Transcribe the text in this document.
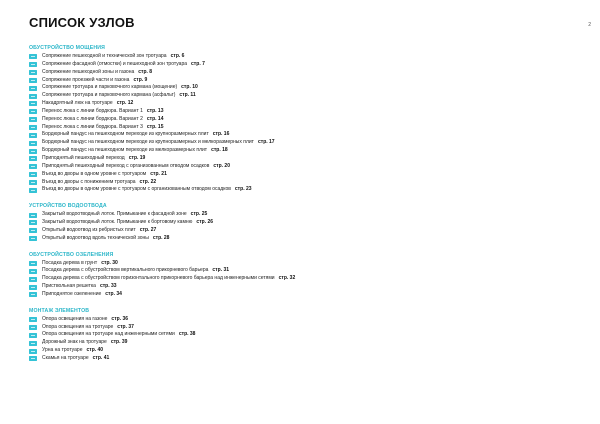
СПИСОК УЗЛОВ	2
ОБУСТРОЙСТВО МОЩЕНИЯ
Сопряжение пешеходной и технической зон тротуара стр. 6
Сопряжение фасадной (отмостки) и пешеходной зон тротуара стр. 7
Сопряжение пешеходной зоны и газона стр. 8
Сопряжение проезжей части и газона стр. 9
Сопряжение тротуара и парковочного кармана (мощение) стр. 10
Сопряжение тротуара и парковочного кармана (асфальт) стр. 11
Накадрятный люк на тротуаре стр. 12
Перенос люка с линии бордюра. Вариант 1 стр. 13
Перенос люка с линии бордюра. Вариант 2 стр. 14
Перенос люка с линии бордюра. Вариант 3 стр. 15
Бордюрный пандус на пешеходном переходе из крупноразмерных плит стр. 16
Бордюрный пандус на пешеходном переходе из крупноразмерных и мелкоразмерных плит стр. 17
Бордюрный пандус на пешеходном переходе из мелкоразмерных плит стр. 18
Приподнятый пешеходный переход стр. 19
Приподнятый пешеходный переход с организованным отводом осадков стр. 20
Въезд во дворы в одном уровне с тротуаром стр. 21
Въезд во дворы с понижением тротуара стр. 22
Въезд во дворы в одном уровне с тротуаром с организованным отводом осадков стр. 23
УСТРОЙСТВО ВОДООТВОДА
Закрытый водоотводный лоток. Примыкание к фасадной зоне стр. 25
Закрытый водоотводный лоток. Примыкание к бортовому камню стр. 26
Открытый водоотвод из ребристых плит стр. 27
Открытый водоотвод вдоль технической зоны стр. 28
ОБУСТРОЙСТВО ОЗЕЛЕНЕНИЯ
Посадка дерева в грунт стр. 30
Посадка дерева с обустройством вертикального прикорневого барьера стр. 31
Посадка дерева с обустройством горизонтального прикорневого барьера над инженерными сетями стр. 32
Приствольная решетка стр. 33
Приподнятое озеленение стр. 34
МОНТАЖ ЭЛЕМЕНТОВ
Опора освещения на газоне стр. 36
Опора освещения на тротуаре стр. 37
Опора освещения на тротуаре над инженерными сетями стр. 38
Дорожный знак на тротуаре стр. 39
Урна на тротуаре стр. 40
Скамья на тротуаре стр. 41
